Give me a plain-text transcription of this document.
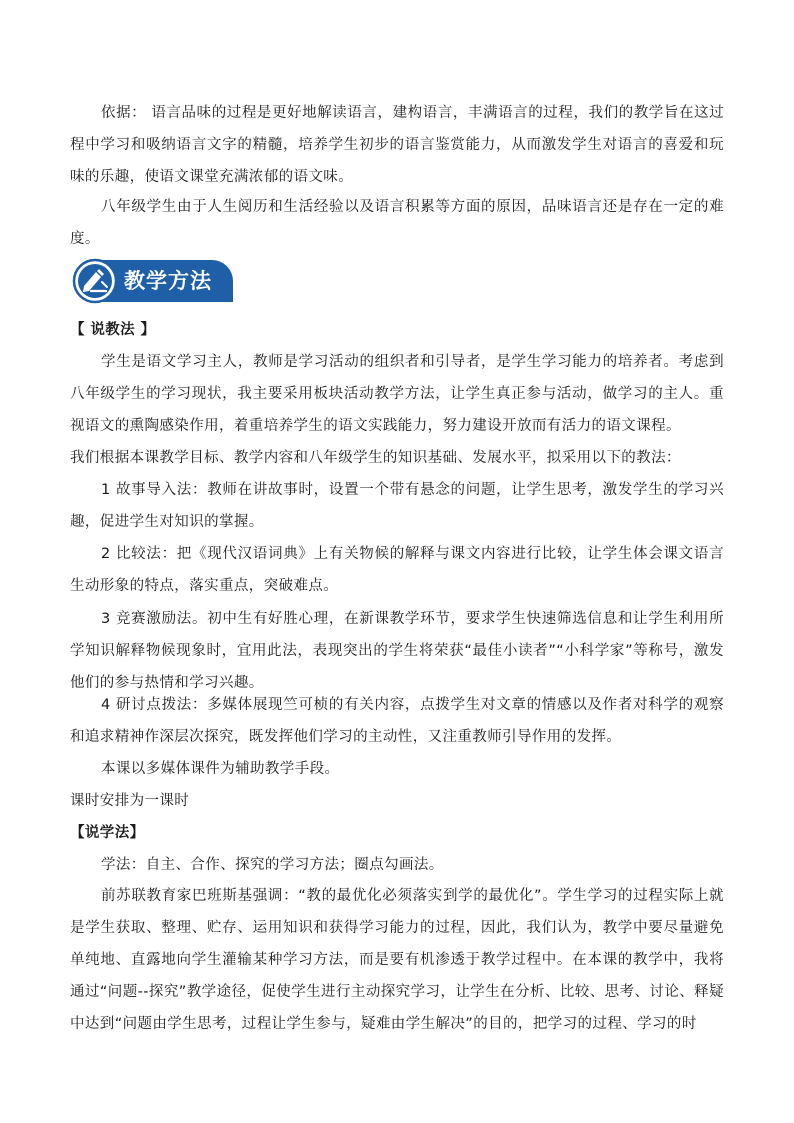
依据： 语言品味的过程是更好地解读语言，建构语言，丰满语言的过程，我们的教学旨在这过程中学习和吸纳语言文字的精髓，培养学生初步的语言鉴赏能力，从而激发学生对语言的喜爱和玩味的乐趣，使语文课堂充满浓郁的语文味。

八年级学生由于人生阅历和生活经验以及语言积累等方面的原因，品味语言还是存在一定的难度。

教学方法
【 说教法 】

学生是语文学习主人，教师是学习活动的组织者和引导者，是学生学习能力的培养者。考虑到八年级学生的学习现状，我主要采用板块活动教学方法，让学生真正参与活动，做学习的主人。重视语文的熏陶感染作用，着重培养学生的语文实践能力，努力建设开放而有活力的语文课程。

我们根据本课教学目标、教学内容和八年级学生的知识基础、发展水平，拟采用以下的教法：

1 故事导入法：教师在讲故事时，设置一个带有悬念的问题，让学生思考，激发学生的学习兴趣，促进学生对知识的掌握。

2 比较法：把《现代汉语词典》上有关物候的解释与课文内容进行比较，让学生体会课文语言生动形象的特点，落实重点，突破难点。

3 竞赛激励法。初中生有好胜心理，在新课教学环节，要求学生快速筛选信息和让学生利用所学知识解释物候现象时，宜用此法，表现突出的学生将荣获“最佳小读者”“小科学家”等称号，激发他们的参与热情和学习兴趣。

4 研讨点拨法：多媒体展现竺可桢的有关内容，点拨学生对文章的情感以及作者对科学的观察和追求精神作深层次探究，既发挥他们学习的主动性，又注重教师引导作用的发挥。

本课以多媒体课件为辅助教学手段。

课时安排为一课时

【说学法】

学法：自主、合作、探究的学习方法；圈点勾画法。

前苏联教育家巴班斯基强调：“教的最优化必须落实到学的最优化”。学生学习的过程实际上就是学生获取、整理、贮存、运用知识和获得学习能力的过程，因此，我们认为，教学中要尽量避免单纯地、直露地向学生灌输某种学习方法，而是要有机渗透于教学过程中。在本课的教学中，我将通过“问题--探究”教学途径，促使学生进行主动探究学习，让学生在分析、比较、思考、讨论、释疑中达到“问题由学生思考，过程让学生参与，疑难由学生解决”的目的，把学习的过程、学习的时
